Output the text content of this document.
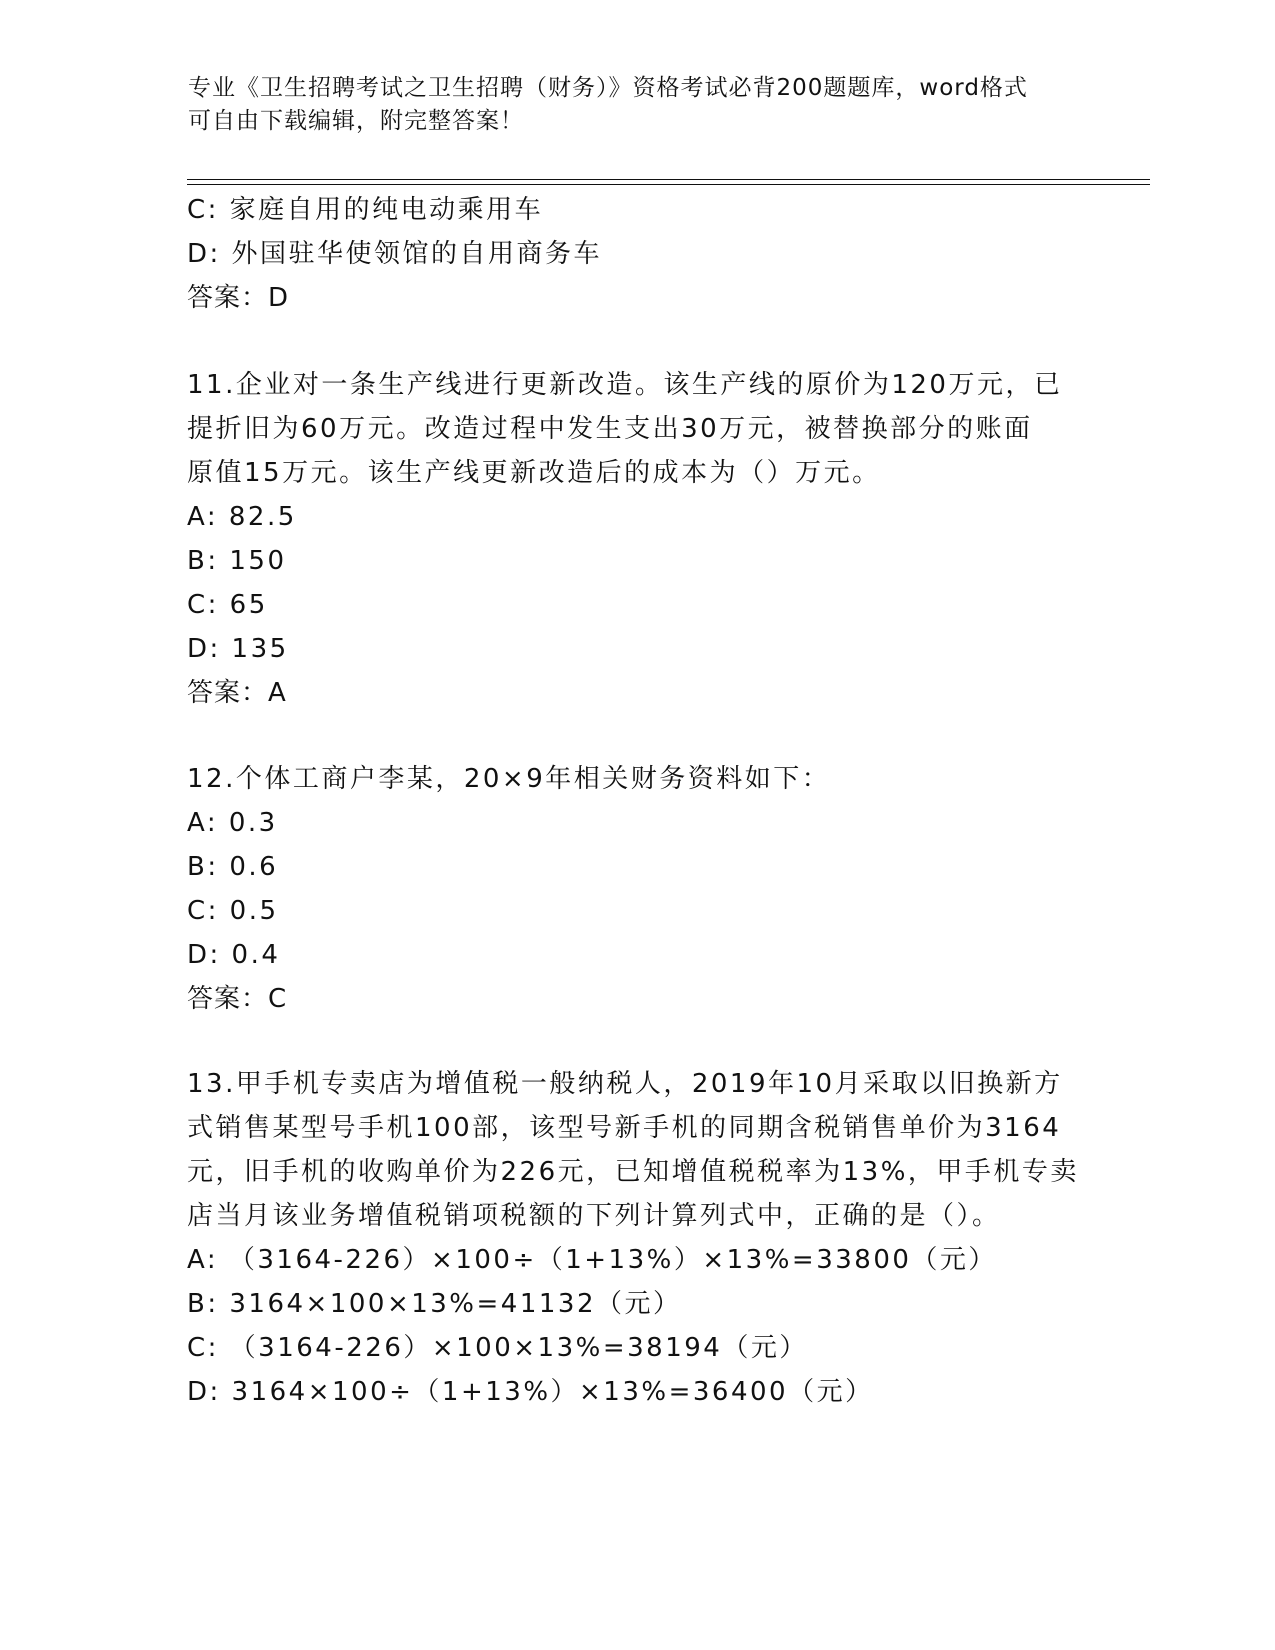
专业《卫生招聘考试之卫生招聘（财务）》资格考试必背200题题库，word格式
可自由下载编辑，附完整答案！
C: 家庭自用的纯电动乘用车
D: 外国驻华使领馆的自用商务车
答案：D
11.企业对一条生产线进行更新改造。该生产线的原价为120万元，已
提折旧为60万元。改造过程中发生支出30万元，被替换部分的账面
原值15万元。该生产线更新改造后的成本为（）万元。
A: 82.5
B: 150
C: 65
D: 135
答案：A
12.个体工商户李某，20×9年相关财务资料如下：
A: 0.3
B: 0.6
C: 0.5
D: 0.4
答案：C
13.甲手机专卖店为增值税一般纳税人，2019年10月采取以旧换新方
式销售某型号手机100部，该型号新手机的同期含税销售单价为3164
元，旧手机的收购单价为226元，已知增值税税率为13%，甲手机专卖
店当月该业务增值税销项税额的下列计算列式中，正确的是（）。
A: （3164-226）×100÷（1+13%）×13%=33800（元）
B: 3164×100×13%=41132（元）
C: （3164-226）×100×13%=38194（元）
D: 3164×100÷（1+13%）×13%=36400（元）
